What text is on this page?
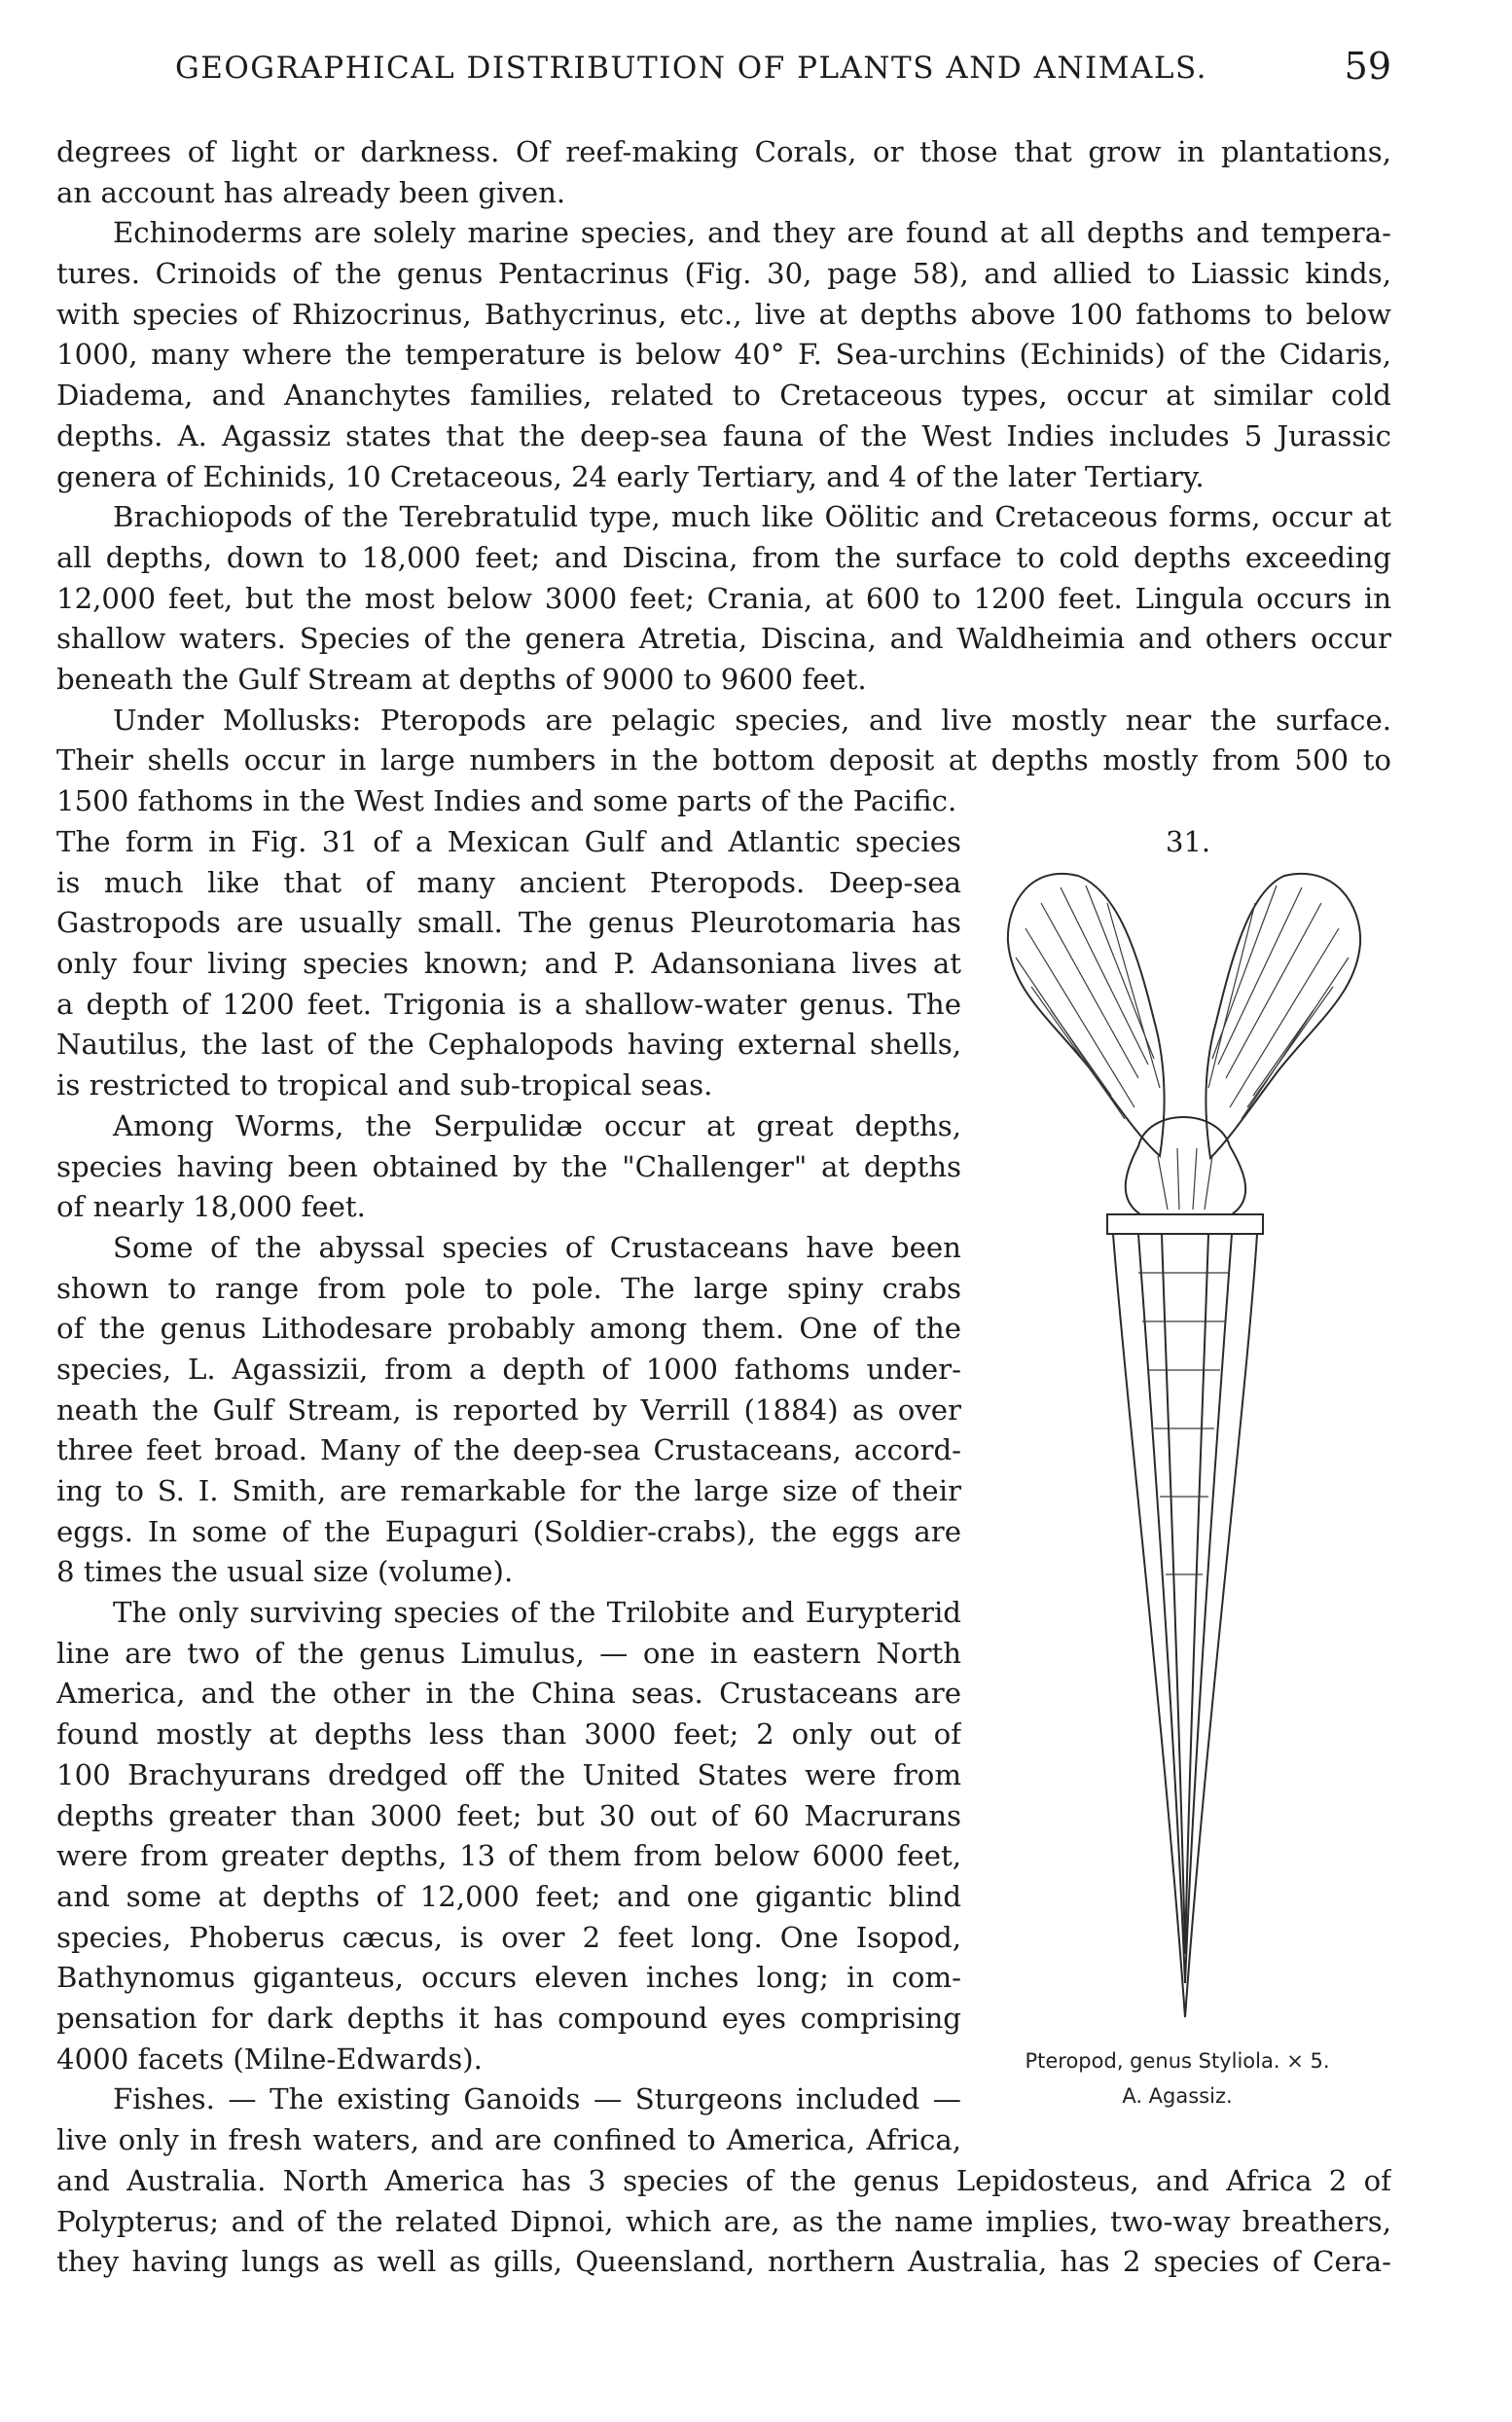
GEOGRAPHICAL DISTRIBUTION OF PLANTS AND ANIMALS.	59
degrees of light or darkness. Of reef-making Corals, or those that grow in plantations,
an account has already been given.
Echinoderms are solely marine species, and they are found at all depths and tempera-
tures. Crinoids of the genus Pentacrinus (Fig. 30, page 58), and allied to Liassic kinds,
with species of Rhizocrinus, Bathycrinus, etc., live at depths above 100 fathoms to below
1000, many where the temperature is below 40° F. Sea-urchins (Echinids) of the Cidaris,
Diadema, and Ananchytes families, related to Cretaceous types, occur at similar cold
depths. A. Agassiz states that the deep-sea fauna of the West Indies includes 5 Jurassic
genera of Echinids, 10 Cretaceous, 24 early Tertiary, and 4 of the later Tertiary.
Brachiopods of the Terebratulid type, much like Oölitic and Cretaceous forms, occur at
all depths, down to 18,000 feet; and Discina, from the surface to cold depths exceeding
12,000 feet, but the most below 3000 feet; Crania, at 600 to 1200 feet. Lingula occurs in
shallow waters. Species of the genera Atretia, Discina, and Waldheimia and others occur
beneath the Gulf Stream at depths of 9000 to 9600 feet.
Under Mollusks: Pteropods are pelagic species, and live mostly near the surface.
Their shells occur in large numbers in the bottom deposit at depths mostly from 500 to
1500 fathoms in the West Indies and some parts of the Pacific.
The form in Fig. 31 of a Mexican Gulf and Atlantic species
is much like that of many ancient Pteropods. Deep-sea
Gastropods are usually small. The genus Pleurotomaria has
only four living species known; and P. Adansoniana lives at
a depth of 1200 feet. Trigonia is a shallow-water genus. The
Nautilus, the last of the Cephalopods having external shells,
is restricted to tropical and sub-tropical seas.
Among Worms, the Serpulidæ occur at great depths,
species having been obtained by the "Challenger" at depths
of nearly 18,000 feet.
Some of the abyssal species of Crustaceans have been
shown to range from pole to pole. The large spiny crabs
of the genus Lithodesare probably among them. One of the
species, L. Agassizii, from a depth of 1000 fathoms under-
neath the Gulf Stream, is reported by Verrill (1884) as over
three feet broad. Many of the deep-sea Crustaceans, accord-
ing to S. I. Smith, are remarkable for the large size of their
eggs. In some of the Eupaguri (Soldier-crabs), the eggs are
8 times the usual size (volume).
The only surviving species of the Trilobite and Eurypterid
line are two of the genus Limulus, — one in eastern North
America, and the other in the China seas. Crustaceans are
found mostly at depths less than 3000 feet; 2 only out of
100 Brachyurans dredged off the United States were from
depths greater than 3000 feet; but 30 out of 60 Macrurans
were from greater depths, 13 of them from below 6000 feet,
and some at depths of 12,000 feet; and one gigantic blind
species, Phoberus cæcus, is over 2 feet long. One Isopod,
Bathynomus giganteus, occurs eleven inches long; in com-
pensation for dark depths it has compound eyes comprising
4000 facets (Milne-Edwards).
Fishes. — The existing Ganoids — Sturgeons included —
live only in fresh waters, and are confined to America, Africa,
and Australia. North America has 3 species of the genus Lepidosteus, and Africa 2 of
Polypterus; and of the related Dipnoi, which are, as the name implies, two-way breathers,
they having lungs as well as gills, Queensland, northern Australia, has 2 species of Cera-
31.
Pteropod, genus Styliola. × 5.
A. Agassiz.
